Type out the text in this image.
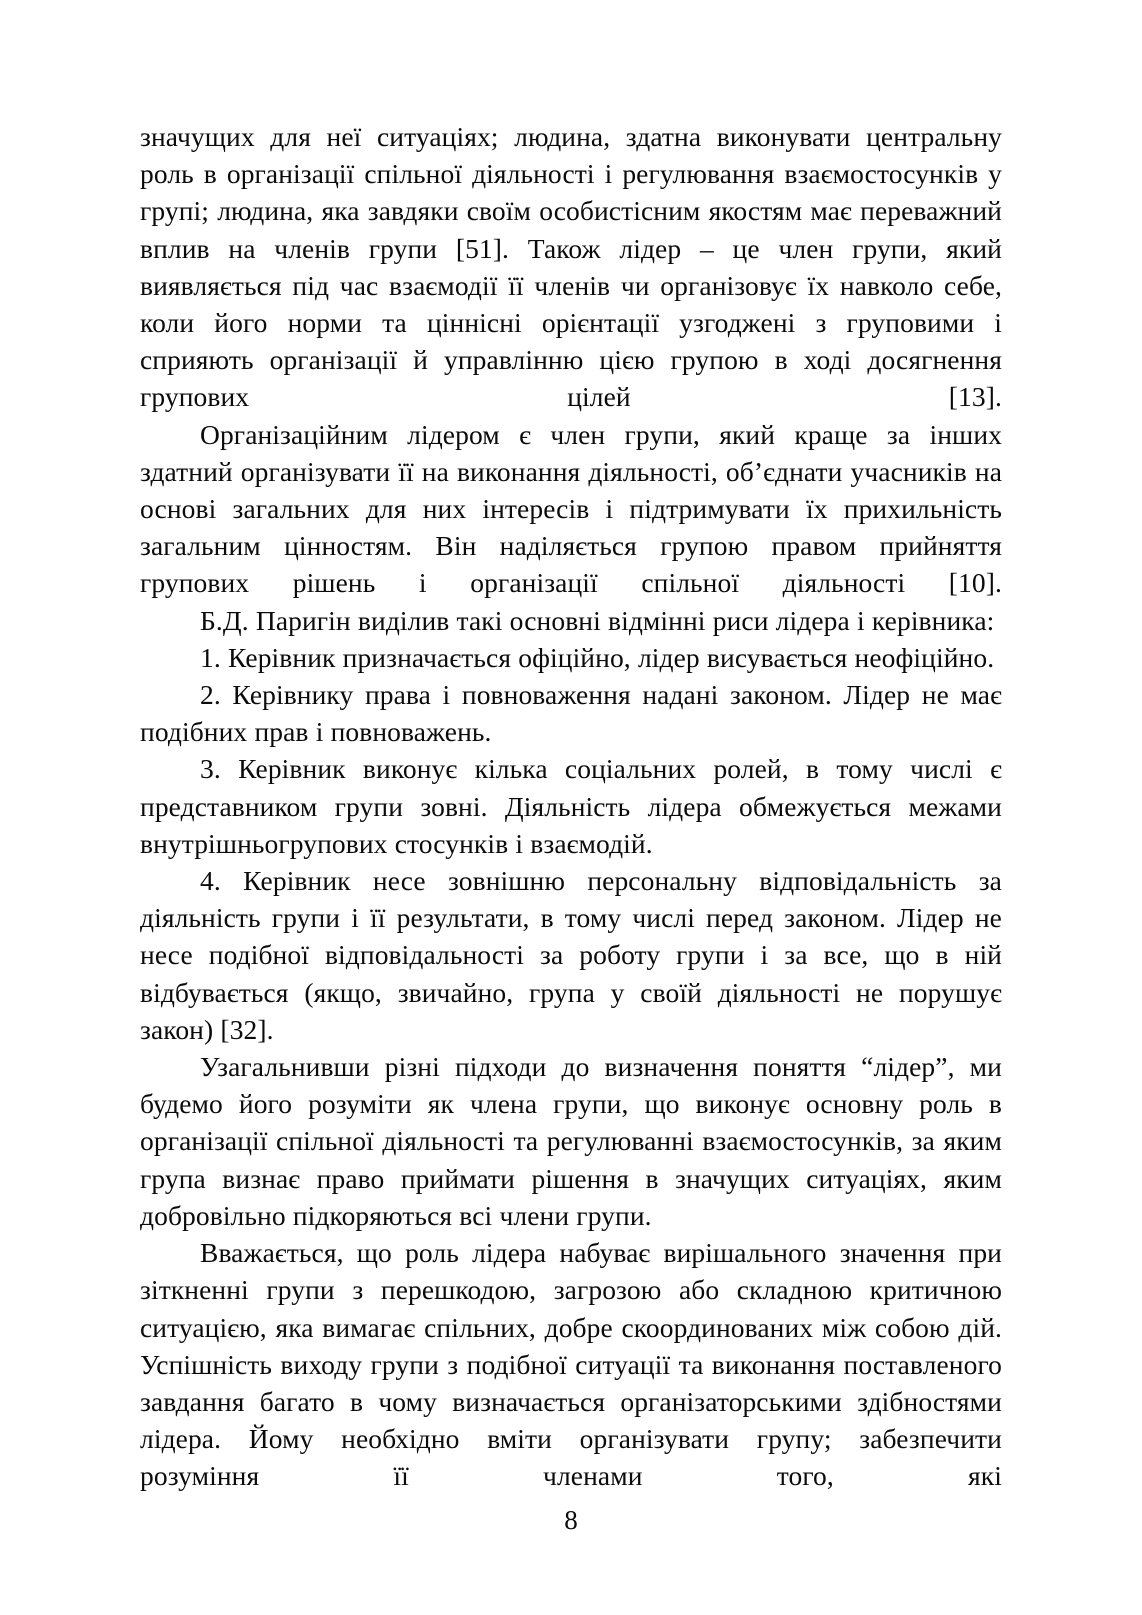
значущих для неї ситуаціях; людина, здатна виконувати центральну роль в організації спільної діяльності і регулювання взаємостосунків у групі; людина, яка завдяки своїм особистісним якостям має переважний вплив на членів групи [51]. Також лідер – це член групи, який виявляється під час взаємодії її членів чи організовує їх навколо себе, коли його норми та ціннісні орієнтації узгоджені з груповими і сприяють організації й управлінню цією групою в ході досягнення групових цілей [13].

Організаційним лідером є член групи, який краще за інших здатний організувати її на виконання діяльності, об’єднати учасників на основі загальних для них інтересів і підтримувати їх прихильність загальним цінностям. Він наділяється групою правом прийняття групових рішень і організації спільної діяльності [10].

Б.Д. Паригін виділив такі основні відмінні риси лідера і керівника:

1. Керівник призначається офіційно, лідер висувається неофіційно.

2. Керівнику права і повноваження надані законом. Лідер не має подібних прав і повноважень.

3. Керівник виконує кілька соціальних ролей, в тому числі є представником групи зовні. Діяльність лідера обмежується межами внутрішньогрупових стосунків і взаємодій.

4. Керівник несе зовнішню персональну відповідальність за діяльність групи і її результати, в тому числі перед законом. Лідер не несе подібної відповідальності за роботу групи і за все, що в ній відбувається (якщо, звичайно, група у своїй діяльності не порушує закон) [32].

Узагальнивши різні підходи до визначення поняття “лідер”, ми будемо його розуміти як члена групи, що виконує основну роль в організації спільної діяльності та регулюванні взаємостосунків, за яким група визнає право приймати рішення в значущих ситуаціях, яким добровільно підкоряються всі члени групи.

Вважається, що роль лідера набуває вирішального значення при зіткненні групи з перешкодою, загрозою або складною критичною ситуацією, яка вимагає спільних, добре скоординованих між собою дій. Успішність виходу групи з подібної ситуації та виконання поставленого завдання багато в чому визначається організаторськими здібностями лідера. Йому необхідно вміти організувати групу; забезпечити розуміння її членами того, які

8
